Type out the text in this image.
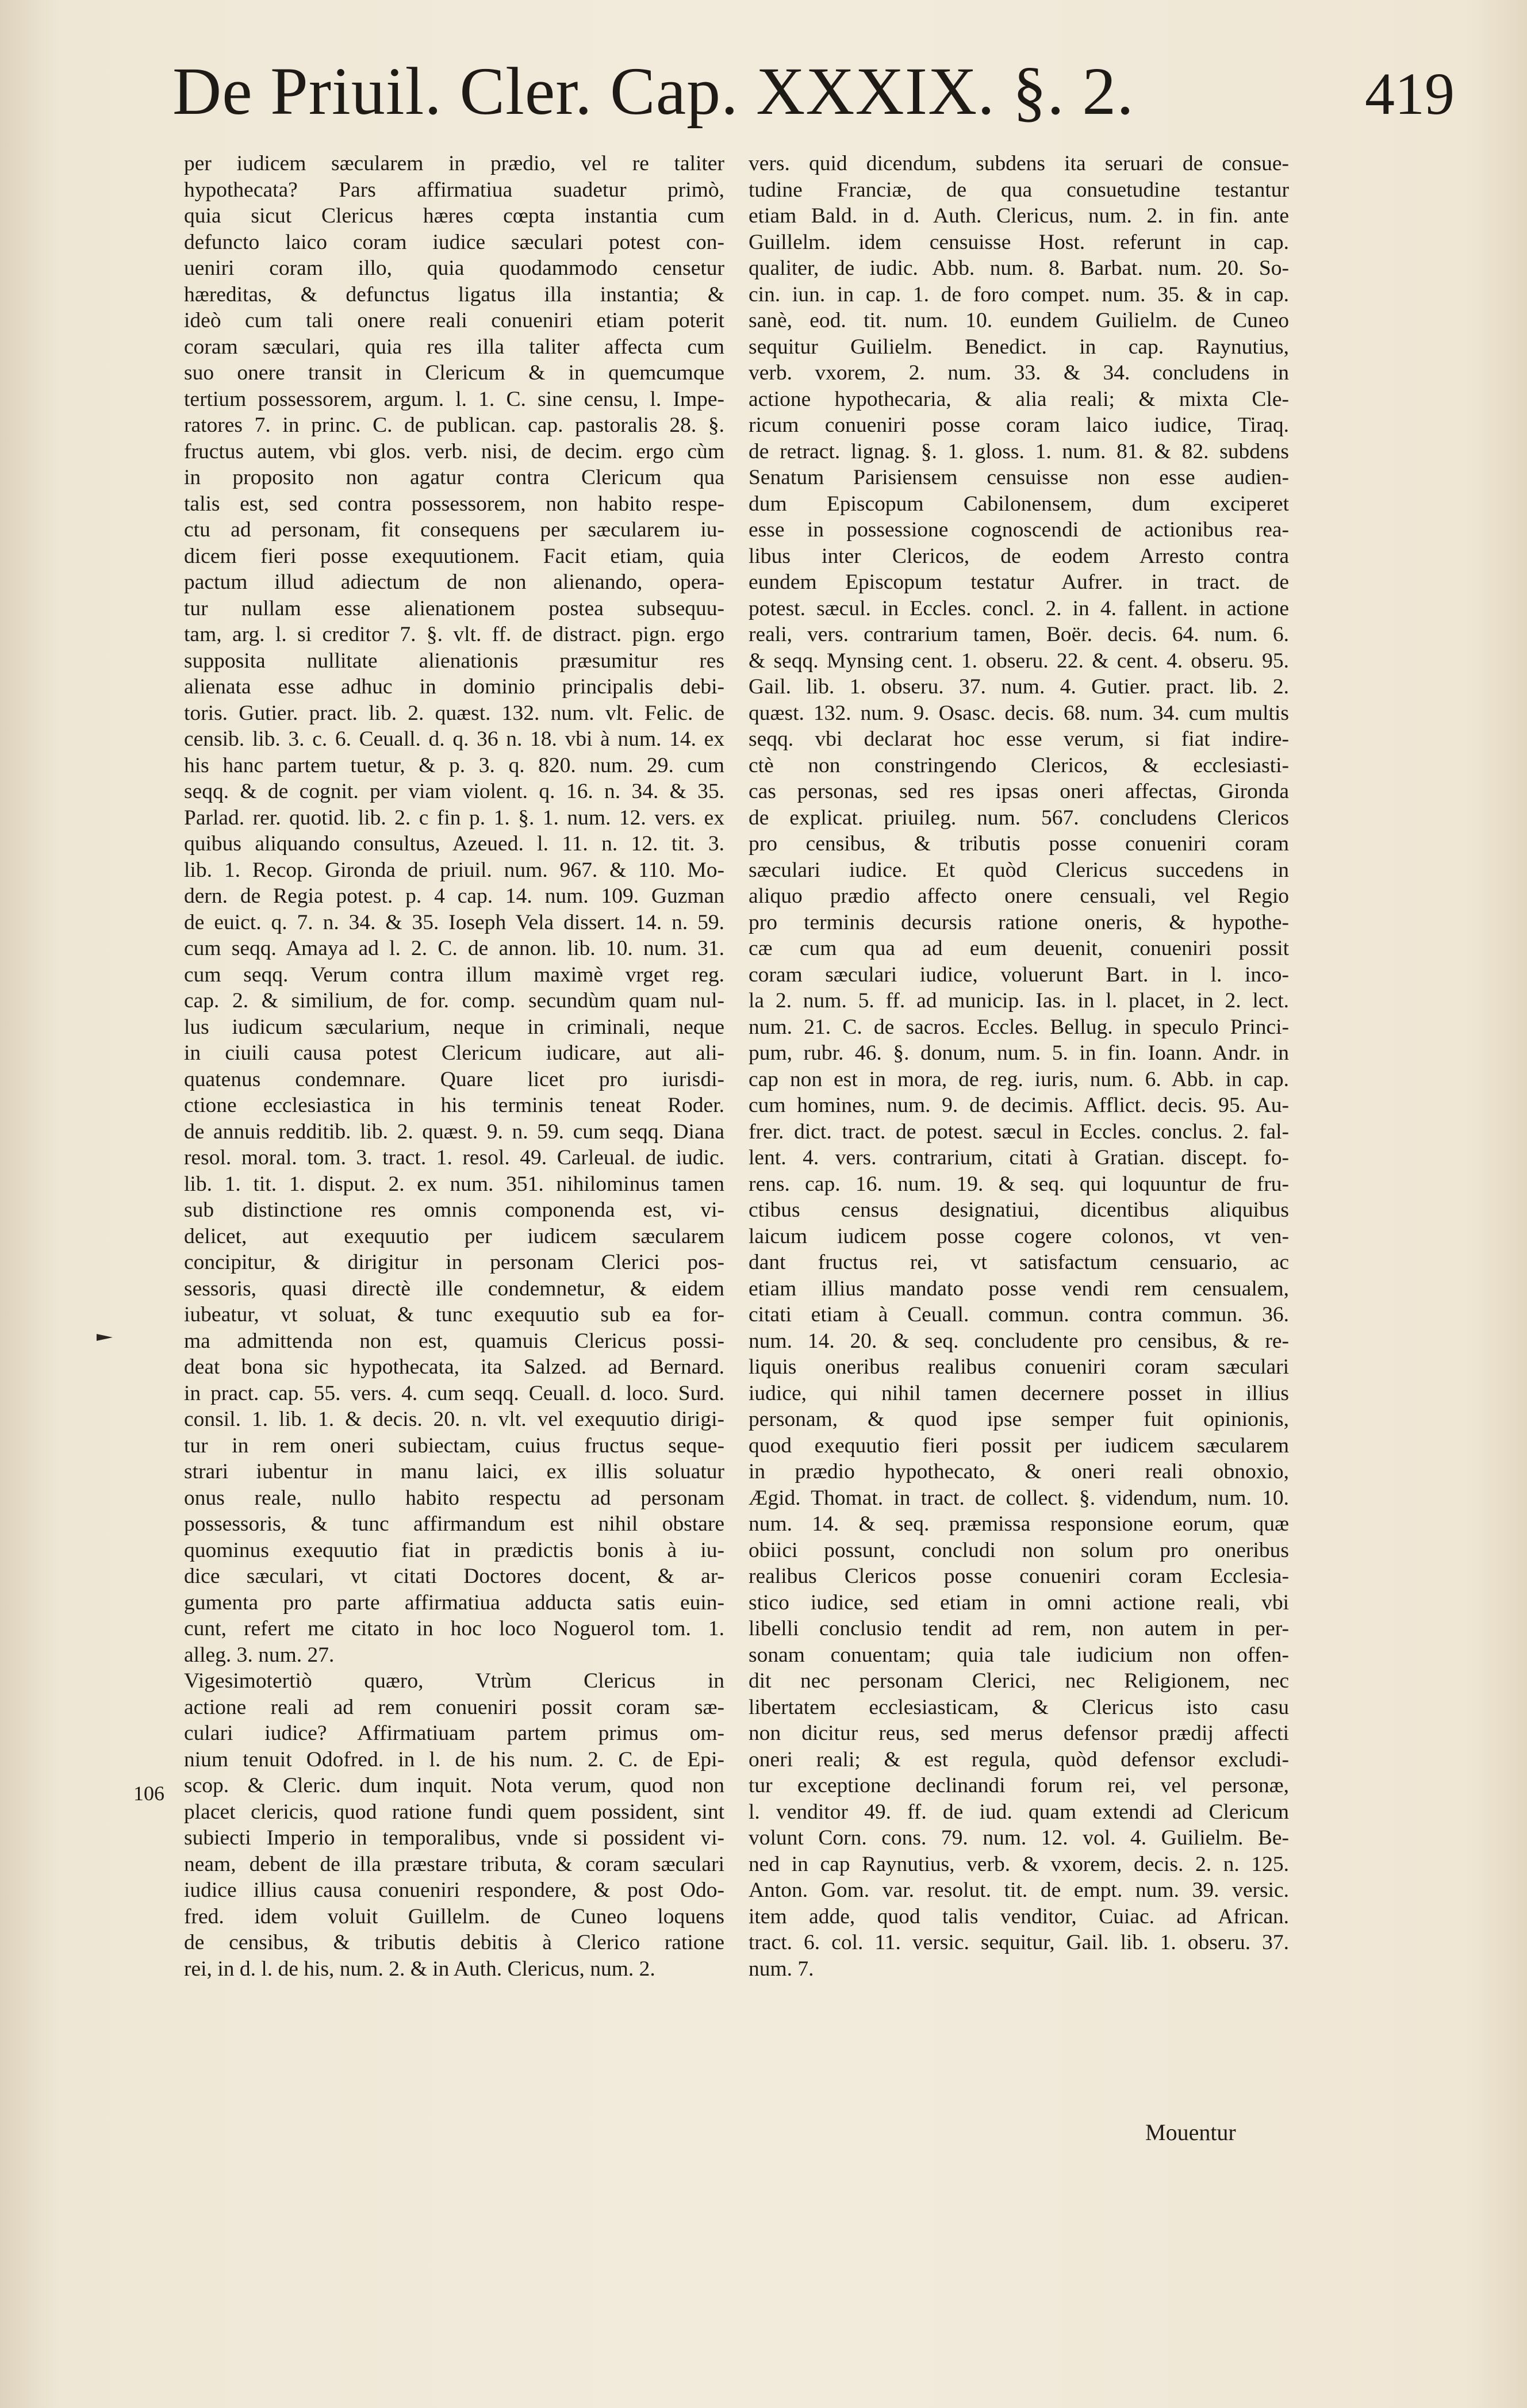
De Priuil. Cler. Cap. XXXIX. §. 2.	419
per iudicem sæcularem in prædio, vel re taliter
hypothecata? Pars affirmatiua suadetur primò,
quia sicut Clericus hæres cœpta instantia cum
defuncto laico coram iudice sæculari potest con-
ueniri coram illo, quia quodammodo censetur
hæreditas, & defunctus ligatus illa instantia; &
ideò cum tali onere reali conueniri etiam poterit
coram sæculari, quia res illa taliter affecta cum
suo onere transit in Clericum & in quemcumque
tertium possessorem, argum. l. 1. C. sine censu, l. Impe-
ratores 7. in princ. C. de publican. cap. pastoralis 28. §.
fructus autem, vbi glos. verb. nisi, de decim. ergo cùm
in proposito non agatur contra Clericum qua
talis est, sed contra possessorem, non habito respe-
ctu ad personam, fit consequens per sæcularem iu-
dicem fieri posse exequutionem. Facit etiam, quia
pactum illud adiectum de non alienando, opera-
tur nullam esse alienationem postea subsequu-
tam, arg. l. si creditor 7. §. vlt. ff. de distract. pign. ergo
supposita nullitate alienationis præsumitur res
alienata esse adhuc in dominio principalis debi-
toris. Gutier. pract. lib. 2. quæst. 132. num. vlt. Felic. de
censib. lib. 3. c. 6. Ceuall. d. q. 36 n. 18. vbi à num. 14. ex
his hanc partem tuetur, & p. 3. q. 820. num. 29. cum
seqq. & de cognit. per viam violent. q. 16. n. 34. & 35.
Parlad. rer. quotid. lib. 2. c fin p. 1. §. 1. num. 12. vers. ex
quibus aliquando consultus, Azeued. l. 11. n. 12. tit. 3.
lib. 1. Recop. Gironda de priuil. num. 967. & 110. Mo-
dern. de Regia potest. p. 4 cap. 14. num. 109. Guzman
de euict. q. 7. n. 34. & 35. Ioseph Vela dissert. 14. n. 59.
cum seqq. Amaya ad l. 2. C. de annon. lib. 10. num. 31.
cum seqq. Verum contra illum maximè vrget reg.
cap. 2. & similium, de for. comp. secundùm quam nul-
lus iudicum sæcularium, neque in criminali, neque
in ciuili causa potest Clericum iudicare, aut ali-
quatenus condemnare. Quare licet pro iurisdi-
ctione ecclesiastica in his terminis teneat Roder.
de annuis redditib. lib. 2. quæst. 9. n. 59. cum seqq. Diana
resol. moral. tom. 3. tract. 1. resol. 49. Carleual. de iudic.
lib. 1. tit. 1. disput. 2. ex num. 351. nihilominus tamen
sub distinctione res omnis componenda est, vi-
delicet, aut exequutio per iudicem sæcularem
concipitur, & dirigitur in personam Clerici pos-
sessoris, quasi directè ille condemnetur, & eidem
iubeatur, vt soluat, & tunc exequutio sub ea for-
ma admittenda non est, quamuis Clericus possi-
deat bona sic hypothecata, ita Salzed. ad Bernard.
in pract. cap. 55. vers. 4. cum seqq. Ceuall. d. loco. Surd.
consil. 1. lib. 1. & decis. 20. n. vlt. vel exequutio dirigi-
tur in rem oneri subiectam, cuius fructus seque-
strari iubentur in manu laici, ex illis soluatur
onus reale, nullo habito respectu ad personam
possessoris, & tunc affirmandum est nihil obstare
quominus exequutio fiat in prædictis bonis à iu-
dice sæculari, vt citati Doctores docent, & ar-
gumenta pro parte affirmatiua adducta satis euin-
cunt, refert me citato in hoc loco Noguerol tom. 1.
alleg. 3. num. 27.
Vigesimotertiò quæro, Vtrùm Clericus in
actione reali ad rem conueniri possit coram sæ-
culari iudice? Affirmatiuam partem primus om-
nium tenuit Odofred. in l. de his num. 2. C. de Epi-
scop. & Cleric. dum inquit. Nota verum, quod non
placet clericis, quod ratione fundi quem possident, sint
subiecti Imperio in temporalibus, vnde si possident vi-
neam, debent de illa præstare tributa, & coram sæculari
iudice illius causa conueniri respondere, & post Odo-
fred. idem voluit Guillelm. de Cuneo loquens
de censibus, & tributis debitis à Clerico ratione
rei, in d. l. de his, num. 2. & in Auth. Clericus, num. 2.
vers. quid dicendum, subdens ita seruari de consue-
tudine Franciæ, de qua consuetudine testantur
etiam Bald. in d. Auth. Clericus, num. 2. in fin. ante
Guillelm. idem censuisse Host. referunt in cap.
qualiter, de iudic. Abb. num. 8. Barbat. num. 20. So-
cin. iun. in cap. 1. de foro compet. num. 35. & in cap.
sanè, eod. tit. num. 10. eundem Guilielm. de Cuneo
sequitur Guilielm. Benedict. in cap. Raynutius,
verb. vxorem, 2. num. 33. & 34. concludens in
actione hypothecaria, & alia reali; & mixta Cle-
ricum conueniri posse coram laico iudice, Tiraq.
de retract. lignag. §. 1. gloss. 1. num. 81. & 82. subdens
Senatum Parisiensem censuisse non esse audien-
dum Episcopum Cabilonensem, dum exciperet
esse in possessione cognoscendi de actionibus rea-
libus inter Clericos, de eodem Arresto contra
eundem Episcopum testatur Aufrer. in tract. de
potest. sæcul. in Eccles. concl. 2. in 4. fallent. in actione
reali, vers. contrarium tamen, Boër. decis. 64. num. 6.
& seqq. Mynsing cent. 1. obseru. 22. & cent. 4. obseru. 95.
Gail. lib. 1. obseru. 37. num. 4. Gutier. pract. lib. 2.
quæst. 132. num. 9. Osasc. decis. 68. num. 34. cum multis
seqq. vbi declarat hoc esse verum, si fiat indire-
ctè non constringendo Clericos, & ecclesiasti-
cas personas, sed res ipsas oneri affectas, Gironda
de explicat. priuileg. num. 567. concludens Clericos
pro censibus, & tributis posse conueniri coram
sæculari iudice. Et quòd Clericus succedens in
aliquo prædio affecto onere censuali, vel Regio
pro terminis decursis ratione oneris, & hypothe-
cæ cum qua ad eum deuenit, conueniri possit
coram sæculari iudice, voluerunt Bart. in l. inco-
la 2. num. 5. ff. ad municip. Ias. in l. placet, in 2. lect.
num. 21. C. de sacros. Eccles. Bellug. in speculo Princi-
pum, rubr. 46. §. donum, num. 5. in fin. Ioann. Andr. in
cap non est in mora, de reg. iuris, num. 6. Abb. in cap.
cum homines, num. 9. de decimis. Afflict. decis. 95. Au-
frer. dict. tract. de potest. sæcul in Eccles. conclus. 2. fal-
lent. 4. vers. contrarium, citati à Gratian. discept. fo-
rens. cap. 16. num. 19. & seq. qui loquuntur de fru-
ctibus census designatiui, dicentibus aliquibus
laicum iudicem posse cogere colonos, vt ven-
dant fructus rei, vt satisfactum censuario, ac
etiam illius mandato posse vendi rem censualem,
citati etiam à Ceuall. commun. contra commun. 36.
num. 14. 20. & seq. concludente pro censibus, & re-
liquis oneribus realibus conueniri coram sæculari
iudice, qui nihil tamen decernere posset in illius
personam, & quod ipse semper fuit opinionis,
quod exequutio fieri possit per iudicem sæcularem
in prædio hypothecato, & oneri reali obnoxio,
Ægid. Thomat. in tract. de collect. §. videndum, num. 10.
num. 14. & seq. præmissa responsione eorum, quæ
obiici possunt, concludi non solum pro oneribus
realibus Clericos posse conueniri coram Ecclesia-
stico iudice, sed etiam in omni actione reali, vbi
libelli conclusio tendit ad rem, non autem in per-
sonam conuentam; quia tale iudicium non offen-
dit nec personam Clerici, nec Religionem, nec
libertatem ecclesiasticam, & Clericus isto casu
non dicitur reus, sed merus defensor prædij affecti
oneri reali; & est regula, quòd defensor excludi-
tur exceptione declinandi forum rei, vel personæ,
l. venditor 49. ff. de iud. quam extendi ad Clericum
volunt Corn. cons. 79. num. 12. vol. 4. Guilielm. Be-
ned in cap Raynutius, verb. & vxorem, decis. 2. n. 125.
Anton. Gom. var. resolut. tit. de empt. num. 39. versic.
item adde, quod talis venditor, Cuiac. ad African.
tract. 6. col. 11. versic. sequitur, Gail. lib. 1. obseru. 37.
num. 7.
106
Mouentur
